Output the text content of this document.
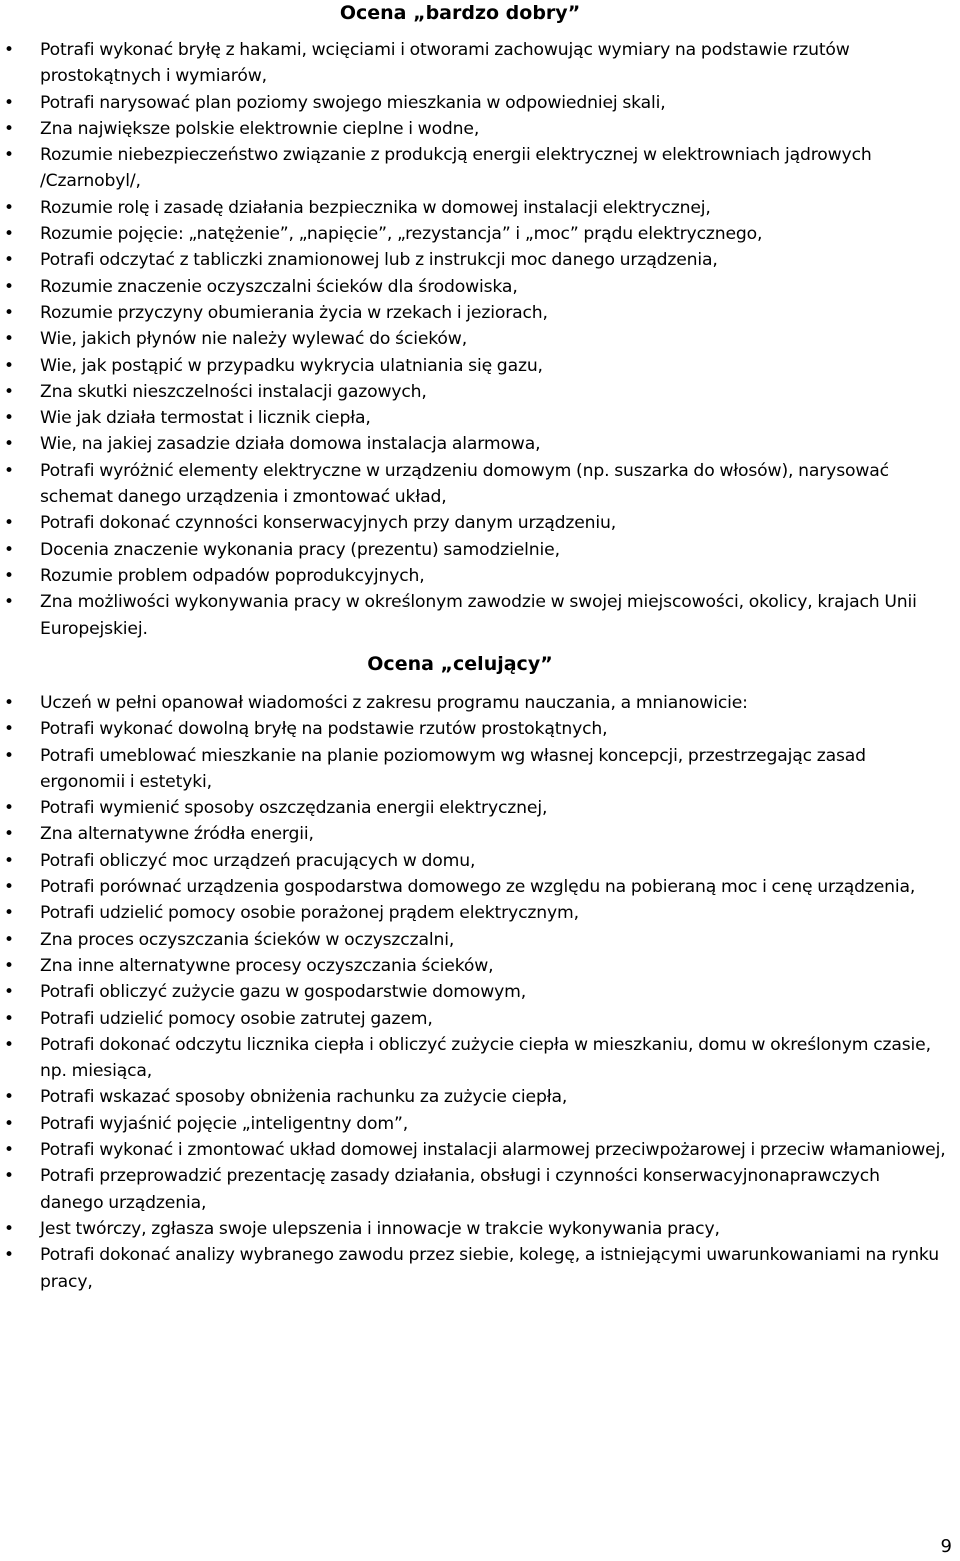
Ocena „bardzo dobry”
• Potrafi wykonać bryłę z hakami, wcięciami i otworami zachowując wymiary na podstawie rzutów prostokątnych i wymiarów,
• Potrafi narysować plan poziomy swojego mieszkania w odpowiedniej skali,
• Zna największe polskie elektrownie cieplne i wodne,
• Rozumie niebezpieczeństwo związanie z produkcją energii elektrycznej w elektrowniach jądrowych /Czarnobyl/,
• Rozumie rolę i zasadę działania bezpiecznika w domowej instalacji elektrycznej,
• Rozumie pojęcie: „natężenie”, „napięcie”, „rezystancja” i „moc” prądu elektrycznego,
• Potrafi odczytać z tabliczki znamionowej lub z instrukcji moc danego urządzenia,
• Rozumie znaczenie oczyszczalni ścieków dla środowiska,
• Rozumie przyczyny obumierania życia w rzekach i jeziorach,
• Wie, jakich płynów nie należy wylewać do ścieków,
• Wie, jak postąpić w przypadku wykrycia ulatniania się gazu,
• Zna skutki nieszczelności instalacji gazowych,
• Wie jak działa termostat i licznik ciepła,
• Wie, na jakiej zasadzie działa domowa instalacja alarmowa,
• Potrafi wyróżnić elementy elektryczne w urządzeniu domowym (np. suszarka do włosów), narysować schemat danego urządzenia i zmontować układ,
• Potrafi dokonać czynności konserwacyjnych przy danym urządzeniu,
• Docenia znaczenie wykonania pracy (prezentu) samodzielnie,
• Rozumie problem odpadów poprodukcyjnych,
• Zna możliwości wykonywania pracy w określonym zawodzie w swojej miejscowości, okolicy, krajach Unii Europejskiej.
Ocena „celujący”
• Uczeń w pełni opanował wiadomości z zakresu programu nauczania, a mnianowicie:
• Potrafi wykonać dowolną bryłę na podstawie rzutów prostokątnych,
• Potrafi umeblować mieszkanie na planie poziomowym wg własnej koncepcji, przestrzegając zasad ergonomii i estetyki,
• Potrafi wymienić sposoby oszczędzania energii elektrycznej,
• Zna alternatywne źródła energii,
• Potrafi obliczyć moc urządzeń pracujących w domu,
• Potrafi porównać urządzenia gospodarstwa domowego ze względu na pobieraną moc i cenę urządzenia,
• Potrafi udzielić pomocy osobie porażonej prądem elektrycznym,
• Zna proces oczyszczania ścieków w oczyszczalni,
• Zna inne alternatywne procesy oczyszczania ścieków,
• Potrafi obliczyć zużycie gazu w gospodarstwie domowym,
• Potrafi udzielić pomocy osobie zatrutej gazem,
• Potrafi dokonać odczytu licznika ciepła i obliczyć zużycie ciepła w mieszkaniu, domu w określonym czasie, np. miesiąca,
• Potrafi wskazać sposoby obniżenia rachunku za zużycie ciepła,
• Potrafi wyjaśnić pojęcie „inteligentny dom”,
• Potrafi wykonać i zmontować układ domowej instalacji alarmowej przeciwpożarowej i przeciw włamaniowej,
• Potrafi przeprowadzić prezentację zasady działania, obsługi i czynności konserwacyjnonaprawczych danego urządzenia,
• Jest twórczy, zgłasza swoje ulepszenia i innowacje w trakcie wykonywania pracy,
• Potrafi dokonać analizy wybranego zawodu przez siebie, kolegę, a istniejącymi uwarunkowaniami na rynku pracy,
9
